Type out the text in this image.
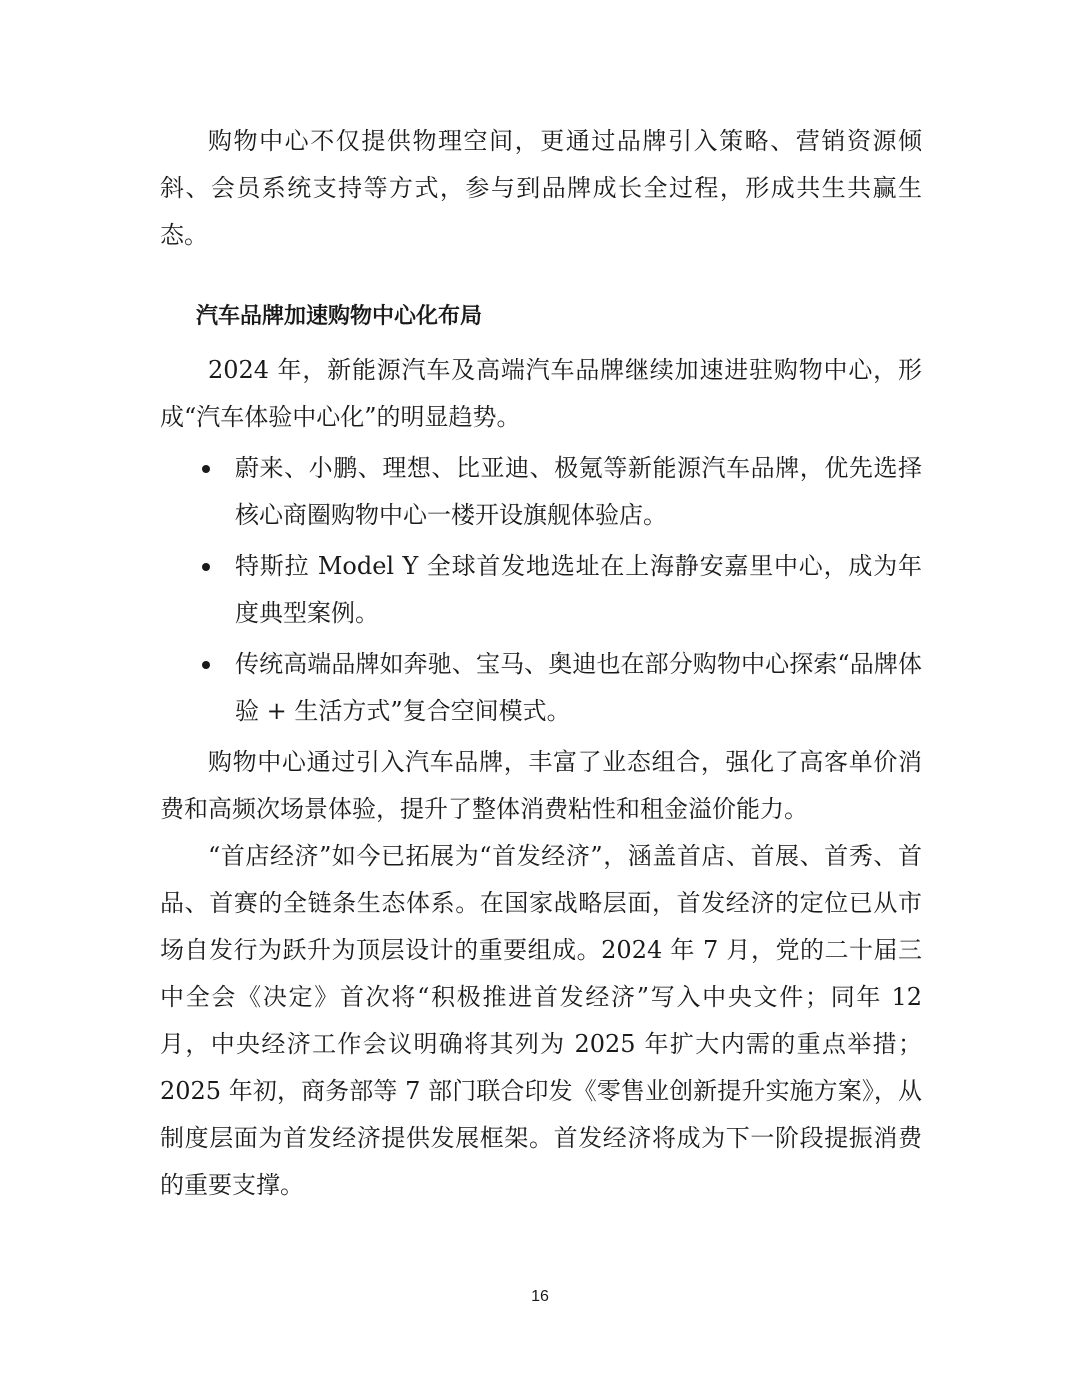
购物中心不仅提供物理空间，更通过品牌引入策略、营销资源倾斜、会员系统支持等方式，参与到品牌成长全过程，形成共生共赢生态。

汽车品牌加速购物中心化布局

2024 年，新能源汽车及高端汽车品牌继续加速进驻购物中心，形成“汽车体验中心化”的明显趋势。

蔚来、小鹏、理想、比亚迪、极氪等新能源汽车品牌，优先选择核心商圈购物中心一楼开设旗舰体验店。
特斯拉 Model Y 全球首发地选址在上海静安嘉里中心，成为年度典型案例。
传统高端品牌如奔驰、宝马、奥迪也在部分购物中心探索“品牌体验 + 生活方式”复合空间模式。

购物中心通过引入汽车品牌，丰富了业态组合，强化了高客单价消费和高频次场景体验，提升了整体消费粘性和租金溢价能力。

“首店经济”如今已拓展为“首发经济”，涵盖首店、首展、首秀、首品、首赛的全链条生态体系。在国家战略层面，首发经济的定位已从市场自发行为跃升为顶层设计的重要组成。2024 年 7 月，党的二十届三中全会《决定》首次将“积极推进首发经济”写入中央文件；同年 12 月，中央经济工作会议明确将其列为 2025 年扩大内需的重点举措；2025 年初，商务部等 7 部门联合印发《零售业创新提升实施方案》，从制度层面为首发经济提供发展框架。首发经济将成为下一阶段提振消费的重要支撑。

16
